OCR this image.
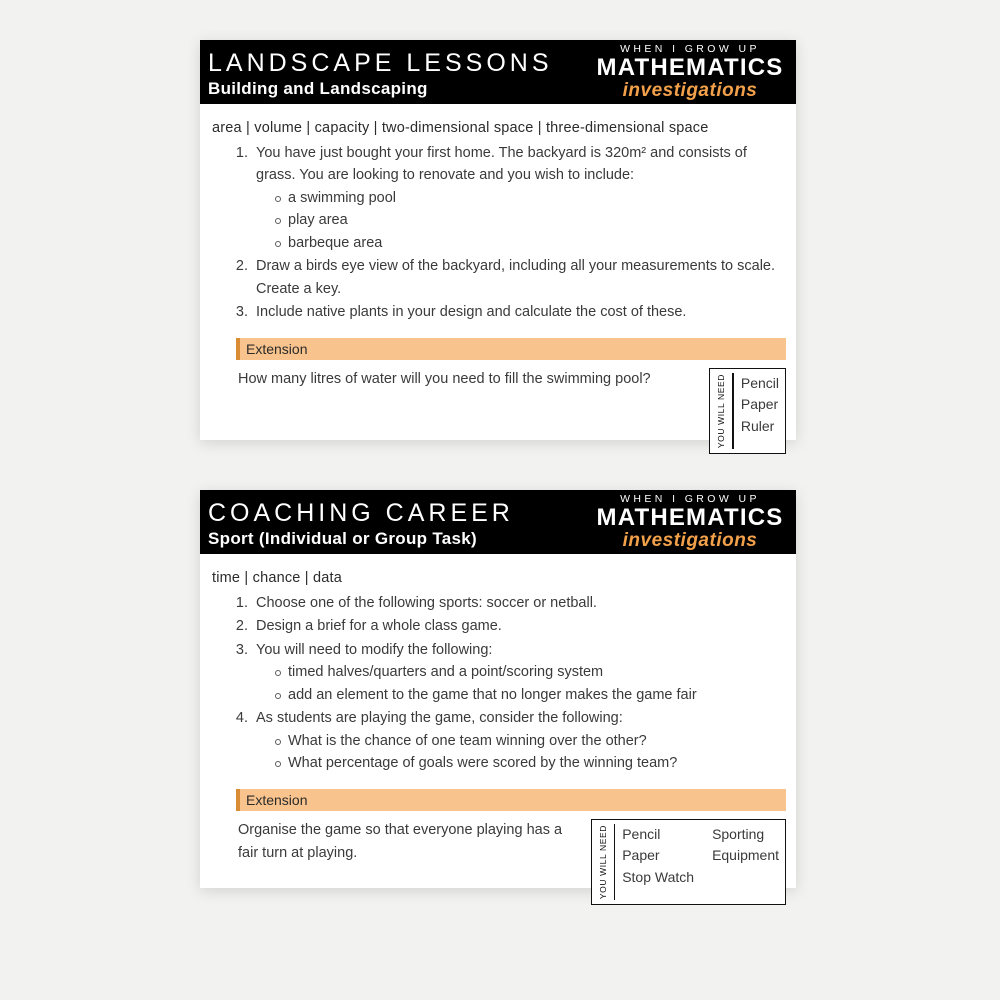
LANDSCAPE LESSONS
Building and Landscaping
WHEN I GROW UP
MATHEMATICS
investigations
area | volume | capacity | two-dimensional space | three-dimensional space
1. You have just bought your first home. The backyard is 320m² and consists of grass. You are looking to renovate and you wish to include:
a swimming pool
play area
barbeque area
2. Draw a birds eye view of the backyard, including all your measurements to scale. Create a key.
3. Include native plants in your design and calculate the cost of these.
Extension
How many litres of water will you need to fill the swimming pool?	YOU WILL NEED Pencil
Paper
Ruler
COACHING CAREER
Sport (Individual or Group Task)
WHEN I GROW UP
MATHEMATICS
investigations
time | chance | data
1. Choose one of the following sports: soccer or netball.
2. Design a brief for a whole class game.
3. You will need to modify the following:
timed halves/quarters and a point/scoring system
add an element to the game that no longer makes the game fair
4. As students are playing the game, consider the following:
What is the chance of one team winning over the other?
What percentage of goals were scored by the winning team?
Extension
Organise the game so that everyone playing has a fair turn at playing.	YOU WILL NEED Pencil
Paper
Stop Watch
Sporting
Equipment
